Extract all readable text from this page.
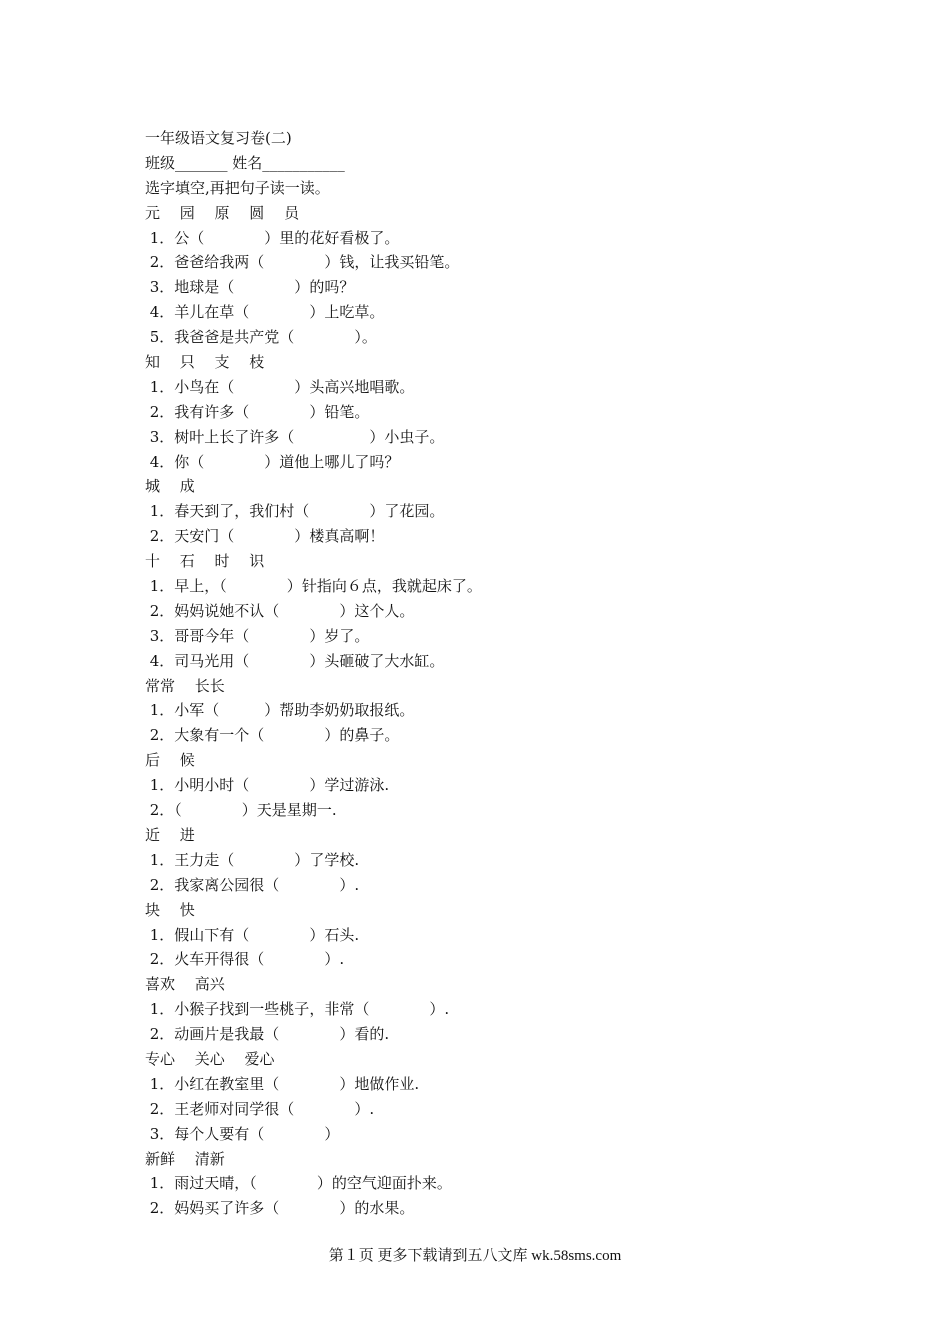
一年级语文复习卷(二)
班级_______ 姓名___________
选字填空,再把句子读一读。
元　 园　 原　 圆　 员
1．公（　　　　）里的花好看极了。
2．爸爸给我两（　　　　）钱，让我买铅笔。
3．地球是（　　　　）的吗？
4．羊儿在草（　　　　）上吃草。
5．我爸爸是共产党（　　　　）。
知　 只　 支　 枝
1．小鸟在（　　　　）头高兴地唱歌。
2．我有许多（　　　　）铅笔。
3．树叶上长了许多（　　　　　）小虫子。
4．你（　　　　）道他上哪儿了吗？
城　 成
1．春天到了，我们村（　　　　）了花园。
2．天安门（　　　　）楼真高啊！
十　 石　 时　 识
1．早上，（　　　　）针指向６点，我就起床了。
2．妈妈说她不认（　　　　）这个人。
3．哥哥今年（　　　　）岁了。
4．司马光用（　　　　）头砸破了大水缸。
常常　 长长
1．小军（　　　）帮助李奶奶取报纸。
2．大象有一个（　　　　）的鼻子。
后　 候
1．小明小时（　　　　）学过游泳.
2．（　　　　）天是星期一.
近　 进
1．王力走（　　　　）了学校.
2．我家离公园很（　　　　）.
块　 快
1．假山下有（　　　　）石头.
2．火车开得很（　　　　）.
喜欢　 高兴
1．小猴子找到一些桃子，非常（　　　　）.
2．动画片是我最（　　　　）看的.
专心　 关心　 爱心
1．小红在教室里（　　　　）地做作业.
2．王老师对同学很（　　　　）.
3．每个人要有（　　　　）
新鲜　 清新
1．雨过天晴，（　　　　）的空气迎面扑来。
2．妈妈买了许多（　　　　）的水果。
第１页 更多下载请到五八文库 wk.58sms.com
